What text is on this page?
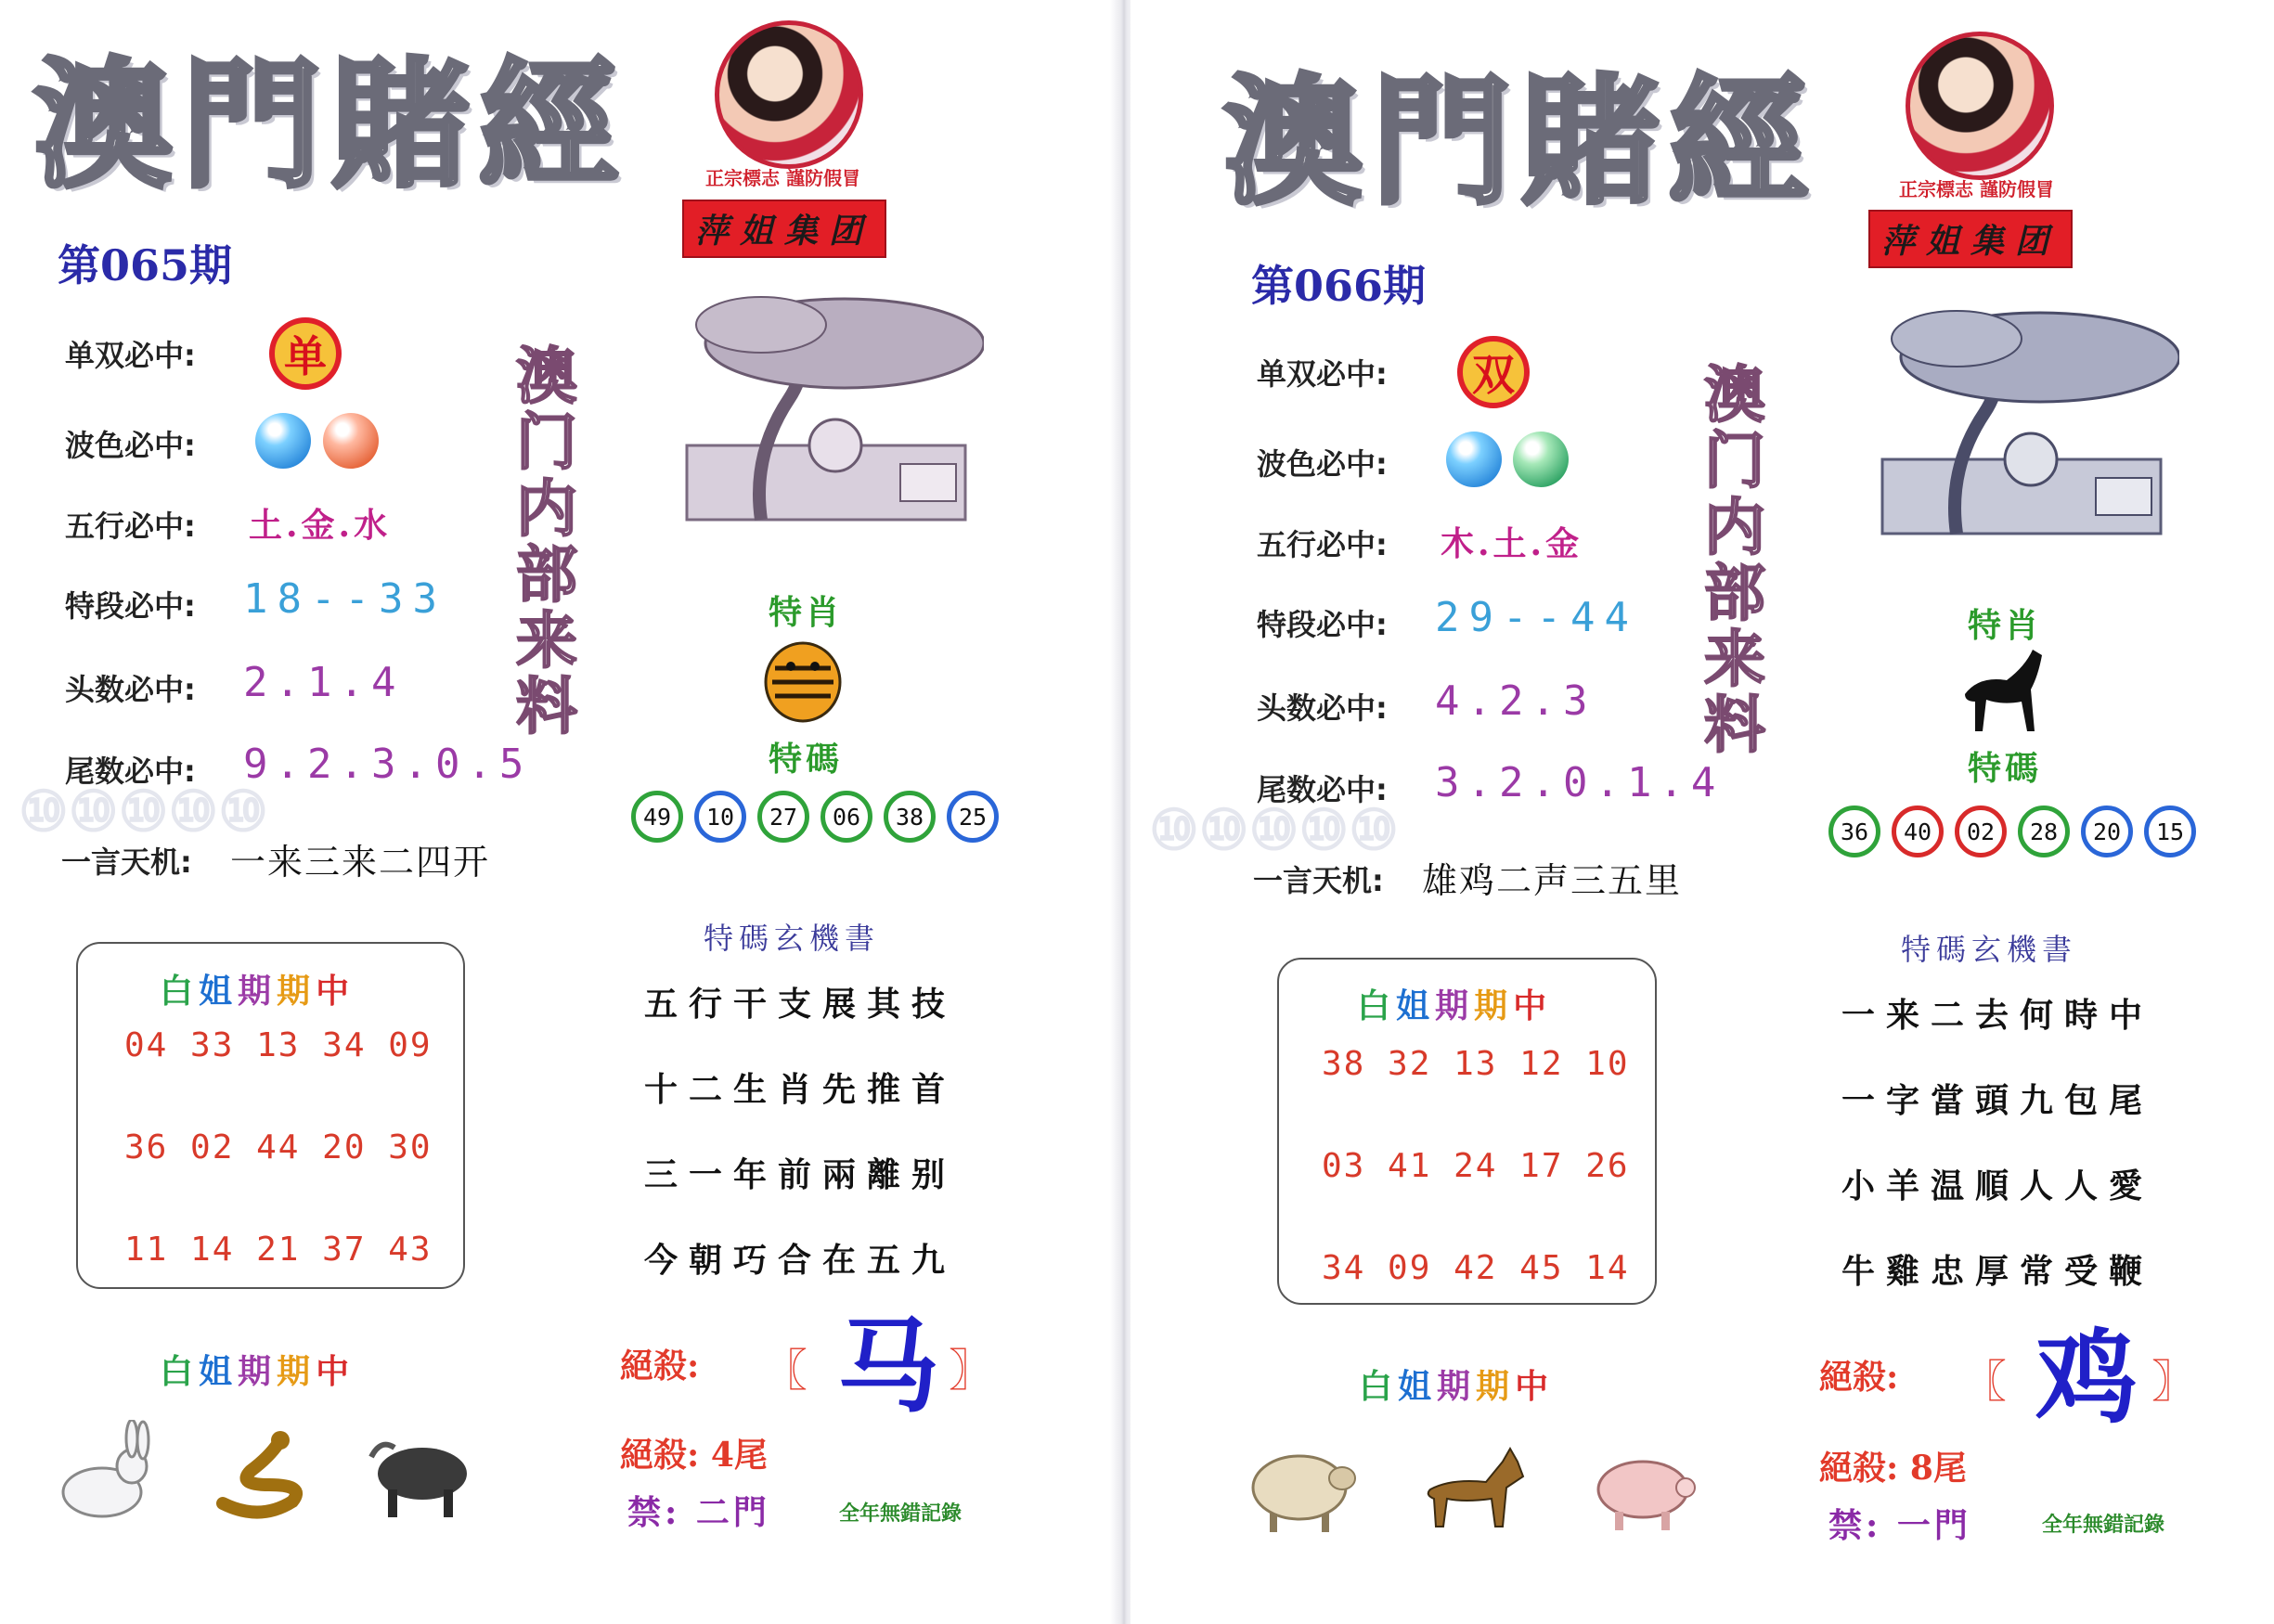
⑩⑩⑩⑩⑩
澳門賭經	正宗標志 謹防假冒
萍姐集团
第065期
单双必中:	单
波色必中:
五行必中: 土.金.水
特段必中: 18--33
头数必中: 2.1.4
尾数必中: 9.2.3.0.5
一言天机: 一来三来二四开
澳
门
内
部
来
料
特肖
特碼
49	10	27	06	38	25
特碼玄機書
五行干支展其技
十二生肖先推首
三一年前兩離别
今朝巧合在五九
白姐期期中
04 33 13 34 09
36 02 44 20 30
11 14 21 37 43
白姐期期中	絕殺: 〖 马 〗
絕殺: 4尾
禁: 二門	全年無錯記錄
⑩⑩⑩⑩⑩
澳門賭經	正宗標志 謹防假冒
萍姐集团
第066期
单双必中:	双
波色必中:
五行必中: 木.土.金
特段必中: 29--44
头数必中: 4.2.3
尾数必中: 3.2.0.1.4
一言天机: 雄鸡二声三五里
澳
门
内
部
来
料
特肖
特碼
36	40	02	28	20	15
特碼玄機書
一来二去何時中
一字當頭九包尾
小羊温順人人愛
牛雞忠厚常受鞭
白姐期期中
38 32 13 12 10
03 41 24 17 26
34 09 42 45 14
白姐期期中	絕殺: 〖 鸡 〗
絕殺: 8尾
禁: 一門	全年無錯記錄
